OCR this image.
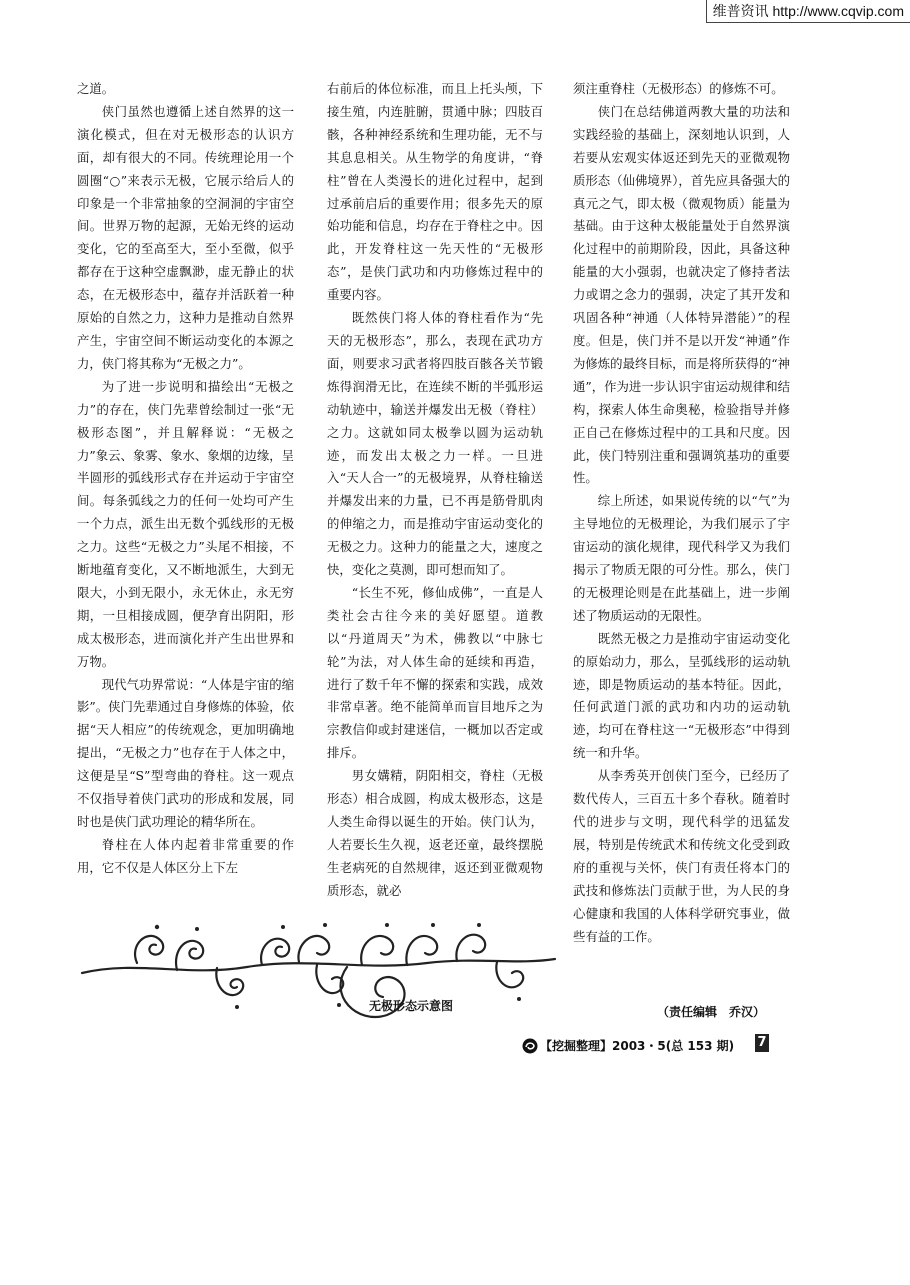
维普资讯 http://www.cqvip.com

之道。

侠门虽然也遵循上述自然界的这一演化模式，但在对无极形态的认识方面，却有很大的不同。传统理论用一个圆圈“○”来表示无极，它展示给后人的印象是一个非常抽象的空洞洞的宇宙空间。世界万物的起源，无始无终的运动变化，它的至高至大，至小至微，似乎都存在于这种空虚飘渺，虚无静止的状态，在无极形态中，蕴存并活跃着一种原始的自然之力，这种力是推动自然界产生，宇宙空间不断运动变化的本源之力，侠门将其称为“无极之力”。

为了进一步说明和描绘出“无极之力”的存在，侠门先辈曾绘制过一张“无极形态图”，并且解释说：“无极之力”象云、象雾、象水、象烟的边缘，呈半圆形的弧线形式存在并运动于宇宙空间。每条弧线之力的任何一处均可产生一个力点，派生出无数个弧线形的无极之力。这些“无极之力”头尾不相接，不断地蕴育变化，又不断地派生，大到无限大，小到无限小，永无休止，永无穷期，一旦相接成圆，便孕育出阴阳，形成太极形态，进而演化并产生出世界和万物。

现代气功界常说：“人体是宇宙的缩影”。侠门先辈通过自身修炼的体验，依据“天人相应”的传统观念，更加明确地提出，“无极之力”也存在于人体之中，这便是呈“S”型弯曲的脊柱。这一观点不仅指导着侠门武功的形成和发展，同时也是侠门武功理论的精华所在。

脊柱在人体内起着非常重要的作用，它不仅是人体区分上下左

右前后的体位标准，而且上托头颅，下接生殖，内连脏腑，贯通中脉；四肢百骸，各种神经系统和生理功能，无不与其息息相关。从生物学的角度讲，“脊柱”曾在人类漫长的进化过程中，起到过承前启后的重要作用；很多先天的原始功能和信息，均存在于脊柱之中。因此，开发脊柱这一先天性的“无极形态”，是侠门武功和内功修炼过程中的重要内容。

既然侠门将人体的脊柱看作为“先天的无极形态”，那么，表现在武功方面，则要求习武者将四肢百骸各关节锻炼得润滑无比，在连续不断的半弧形运动轨迹中，输送并爆发出无极（脊柱）之力。这就如同太极拳以圆为运动轨迹，而发出太极之力一样。一旦进入“天人合一”的无极境界，从脊柱输送并爆发出来的力量，已不再是筋骨肌肉的伸缩之力，而是推动宇宙运动变化的无极之力。这种力的能量之大，速度之快，变化之莫测，即可想而知了。

“长生不死，修仙成佛”，一直是人类社会古往今来的美好愿望。道教以“丹道周天”为术，佛教以“中脉七轮”为法，对人体生命的延续和再造，进行了数千年不懈的探索和实践，成效非常卓著。绝不能简单而盲目地斥之为宗教信仰或封建迷信，一概加以否定或排斥。

男女媾精，阴阳相交，脊柱（无极形态）相合成圆，构成太极形态，这是人类生命得以诞生的开始。侠门认为，人若要长生久视，返老还童，最终摆脱生老病死的自然规律，返还到亚微观物质形态，就必

须注重脊柱（无极形态）的修炼不可。

侠门在总结佛道两教大量的功法和实践经验的基础上，深刻地认识到，人若要从宏观实体返还到先天的亚微观物质形态（仙佛境界），首先应具备强大的真元之气，即太极（微观物质）能量为基础。由于这种太极能量处于自然界演化过程中的前期阶段，因此，具备这种能量的大小强弱，也就决定了修持者法力或谓之念力的强弱，决定了其开发和巩固各种“神通（人体特异潜能）”的程度。但是，侠门并不是以开发“神通”作为修炼的最终目标，而是将所获得的“神通”，作为进一步认识宇宙运动规律和结构，探索人体生命奥秘，检验指导并修正自己在修炼过程中的工具和尺度。因此，侠门特别注重和强调筑基功的重要性。

综上所述，如果说传统的以“气”为主导地位的无极理论，为我们展示了宇宙运动的演化规律，现代科学又为我们揭示了物质无限的可分性。那么，侠门的无极理论则是在此基础上，进一步阐述了物质运动的无限性。

既然无极之力是推动宇宙运动变化的原始动力，那么，呈弧线形的运动轨迹，即是物质运动的基本特征。因此，任何武道门派的武功和内功的运动轨迹，均可在脊柱这一“无极形态”中得到统一和升华。

从李秀英开创侠门至今，已经历了数代传人，三百五十多个春秋。随着时代的进步与文明，现代科学的迅猛发展，特别是传统武术和传统文化受到政府的重视与关怀，侠门有责任将本门的武技和修炼法门贡献于世，为人民的身心健康和我国的人体科学研究事业，做些有益的工作。

无极形态示意图	（责任编辑　乔汉）
【挖掘整理】2003・5(总 153 期) 7
